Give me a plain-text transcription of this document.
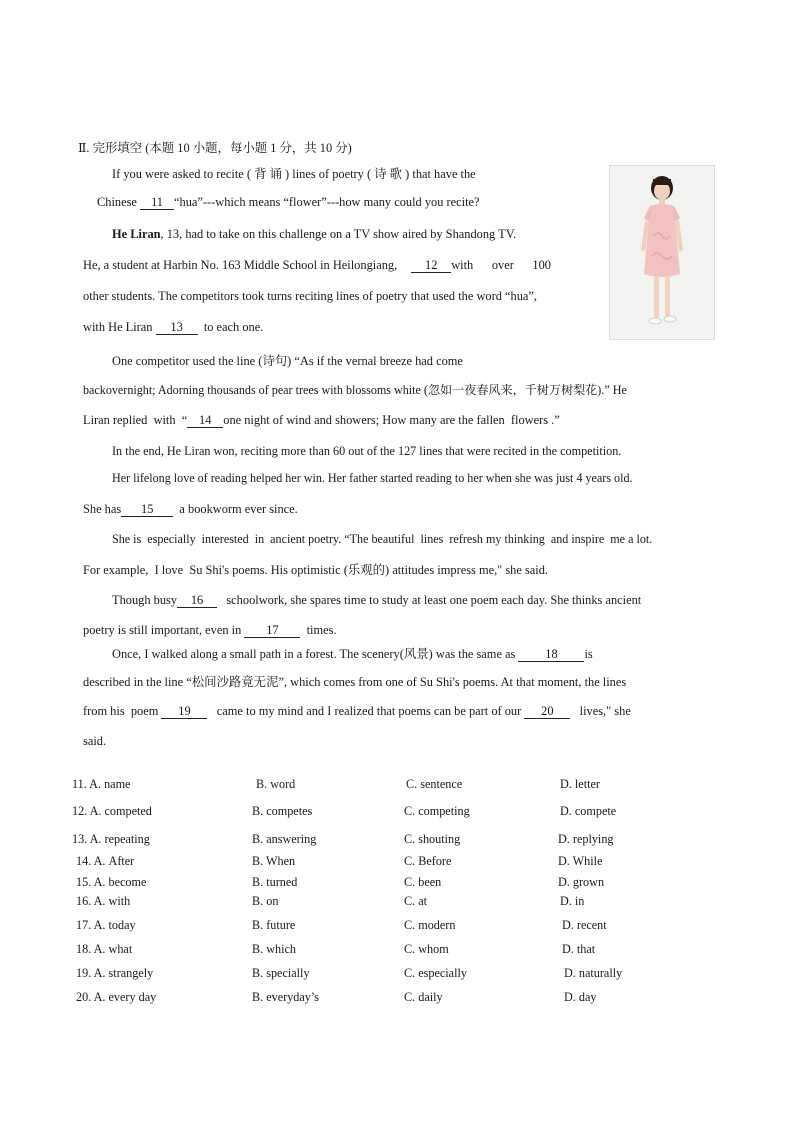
Ⅱ. 完形填空 (本题 10 小题，每小题 1 分，共 10 分)
If you were asked to recite ( 背 诵 ) lines of poetry ( 诗 歌 ) that have the
Chinese 11 “hua”---which means “flower”---how many could you recite?
He Liran, 13, had to take on this challenge on a TV show aired by Shandong TV.
He, a student at Harbin No. 163 Middle School in Heilongiang, 12 with      over      100
other students. The competitors took turns reciting lines of poetry that used the word “hua”,
with He Liran 13 to each one.
One competitor used the line (诗句) “As if the vernal breeze had come
backovernight; Adorning thousands of pear trees with blossoms white (忽如一夜春风来，千树万树梨花).” He
Liran replied  with  “ 14 one night of wind and showers; How many are the fallen  flowers .”
In the end, He Liran won, reciting more than 60 out of the 127 lines that were recited in the competition.
Her lifelong love of reading helped her win. Her father started reading to her when she was just 4 years old.
She has 15 a bookworm ever since.
She is  especially  interested  in  ancient poetry. “The beautiful  lines  refresh my thinking  and inspire  me a lot.
For example,  I love  Su Shi's poems. His optimistic (乐观的) attitudes impress me," she said.
Though busy 16 schoolwork, she spares time to study at least one poem each day. She thinks ancient
poetry is still important, even in 17 times.
Once, I walked along a small path in a forest. The scenery(风景) was the same as 18 is
described in the line “松间沙路竟无泥”, which comes from one of Su Shi's poems. At that moment, the lines
from his  poem 19 came to my mind and I realized that poems can be part of our 20 lives," she
said.
11. A. name	B. word	C. sentence	D. letter
12. A. competed	B. competes	C. competing	D. compete
13. A. repeating	B. answering	C. shouting	D. replying
14. A. After	B. When	C. Before	D. While
15. A. become	B. turned	C. been	D. grown
16. A. with	B. on	C. at	D. in
17. A. today	B. future	C. modern	D. recent
18. A. what	B. which	C. whom	D. that
19. A. strangely	B. specially	C. especially	D. naturally
20. A. every day	B. everyday’s	C. daily	D. day
